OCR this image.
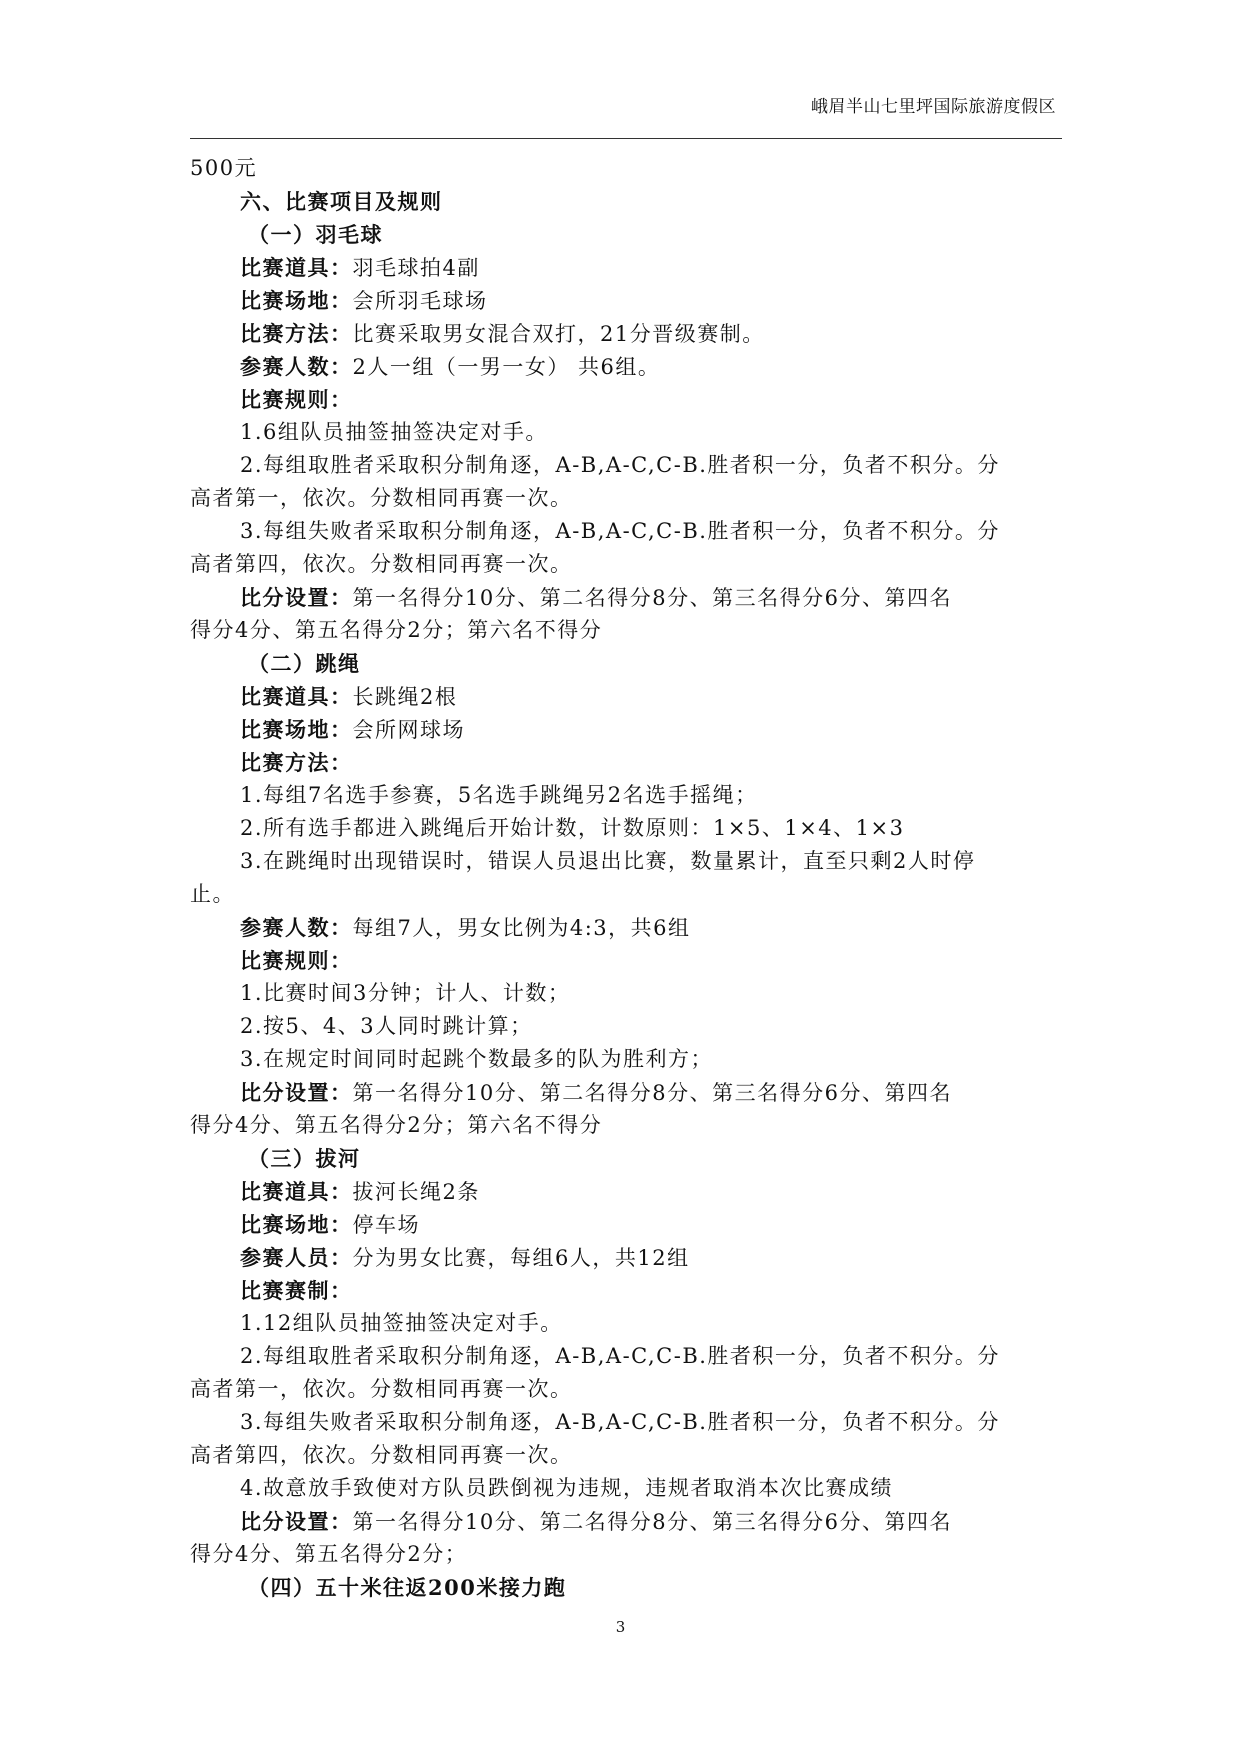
峨眉半山七里坪国际旅游度假区
500元
六、比赛项目及规则
（一）羽毛球
比赛道具：羽毛球拍4副
比赛场地：会所羽毛球场
比赛方法：比赛采取男女混合双打，21分晋级赛制。
参赛人数：2人一组（一男一女） 共6组。
比赛规则：
1.6组队员抽签抽签决定对手。
2.每组取胜者采取积分制角逐，A-B,A-C,C-B.胜者积一分，负者不积分。分
高者第一，依次。分数相同再赛一次。
3.每组失败者采取积分制角逐，A-B,A-C,C-B.胜者积一分，负者不积分。分
高者第四，依次。分数相同再赛一次。
比分设置：第一名得分10分、第二名得分8分、第三名得分6分、第四名
得分4分、第五名得分2分；第六名不得分
（二）跳绳
比赛道具：长跳绳2根
比赛场地：会所网球场
比赛方法：
1.每组7名选手参赛，5名选手跳绳另2名选手摇绳；
2.所有选手都进入跳绳后开始计数，计数原则：1×5、1×4、1×3
3.在跳绳时出现错误时，错误人员退出比赛，数量累计，直至只剩2人时停
止。
参赛人数：每组7人，男女比例为4:3，共6组
比赛规则：
1.比赛时间3分钟；计人、计数；
2.按5、4、3人同时跳计算；
3.在规定时间同时起跳个数最多的队为胜利方；
比分设置：第一名得分10分、第二名得分8分、第三名得分6分、第四名
得分4分、第五名得分2分；第六名不得分
（三）拔河
比赛道具：拔河长绳2条
比赛场地：停车场
参赛人员：分为男女比赛，每组6人，共12组
比赛赛制：
1.12组队员抽签抽签决定对手。
2.每组取胜者采取积分制角逐，A-B,A-C,C-B.胜者积一分，负者不积分。分
高者第一，依次。分数相同再赛一次。
3.每组失败者采取积分制角逐，A-B,A-C,C-B.胜者积一分，负者不积分。分
高者第四，依次。分数相同再赛一次。
4.故意放手致使对方队员跌倒视为违规，违规者取消本次比赛成绩
比分设置：第一名得分10分、第二名得分8分、第三名得分6分、第四名
得分4分、第五名得分2分；
（四）五十米往返200米接力跑
3
